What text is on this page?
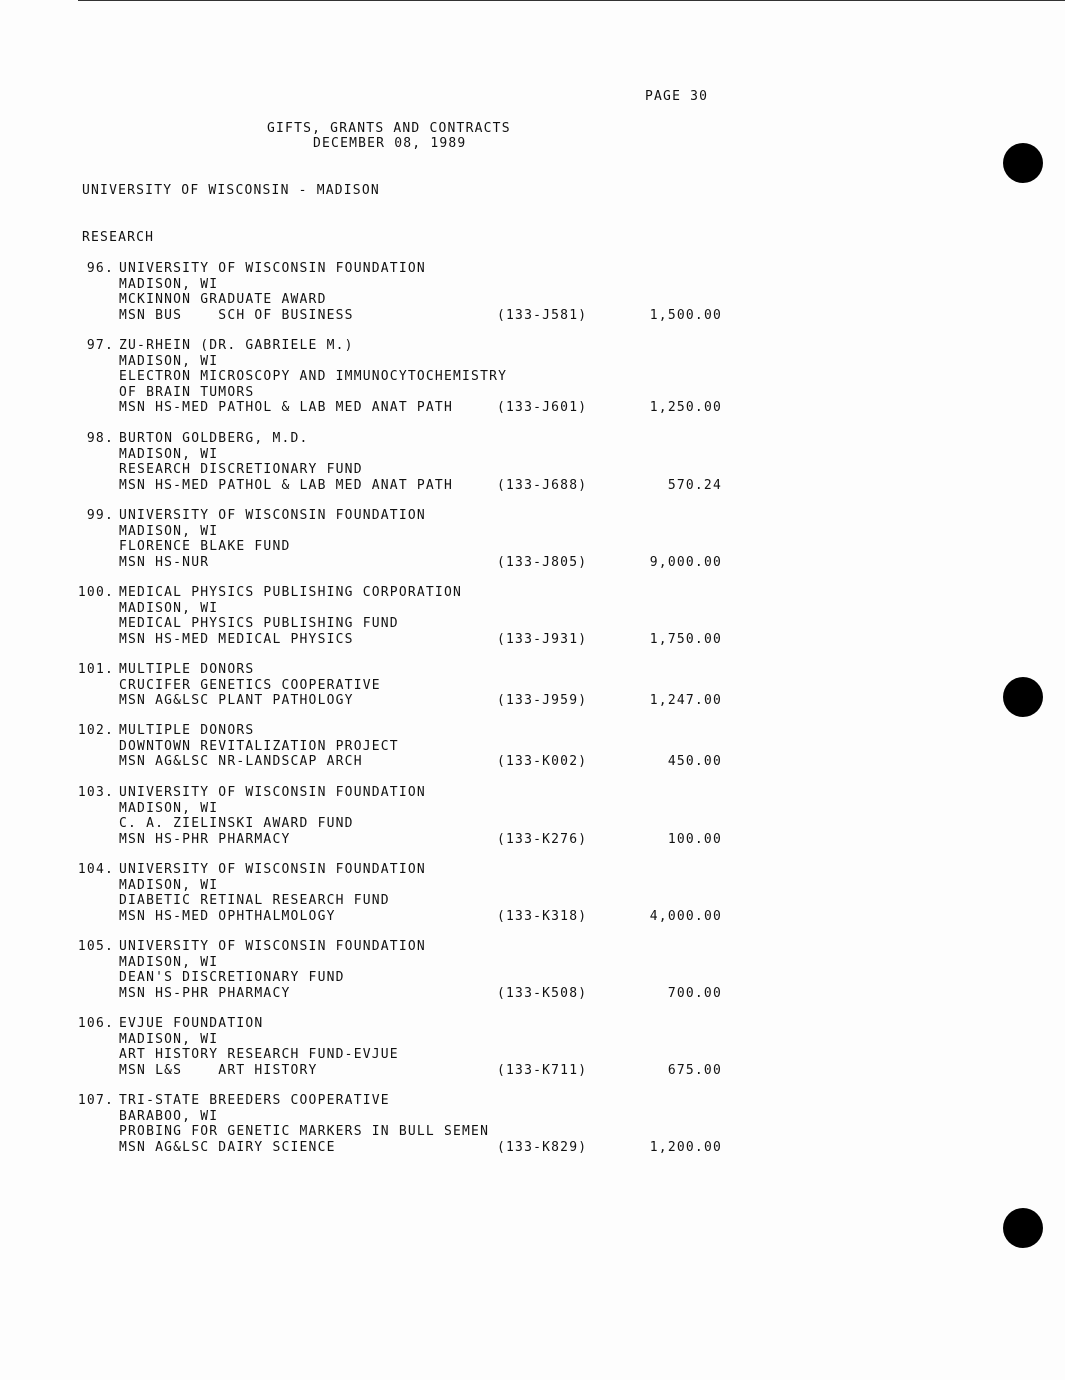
PAGE 30
GIFTS, GRANTS AND CONTRACTS
DECEMBER 08, 1989
UNIVERSITY OF WISCONSIN - MADISON
RESEARCH
96. UNIVERSITY OF WISCONSIN FOUNDATION
MADISON, WI
MCKINNON GRADUATE AWARD
MSN BUS    SCH OF BUSINESS	(133-J581)	1,500.00
97. ZU-RHEIN (DR. GABRIELE M.)
MADISON, WI
ELECTRON MICROSCOPY AND IMMUNOCYTOCHEMISTRY
OF BRAIN TUMORS
MSN HS-MED PATHOL & LAB MED ANAT PATH	(133-J601)	1,250.00
98. BURTON GOLDBERG, M.D.
MADISON, WI
RESEARCH DISCRETIONARY FUND
MSN HS-MED PATHOL & LAB MED ANAT PATH	(133-J688)	570.24
99. UNIVERSITY OF WISCONSIN FOUNDATION
MADISON, WI
FLORENCE BLAKE FUND
MSN HS-NUR	(133-J805)	9,000.00
100. MEDICAL PHYSICS PUBLISHING CORPORATION
MADISON, WI
MEDICAL PHYSICS PUBLISHING FUND
MSN HS-MED MEDICAL PHYSICS	(133-J931)	1,750.00
101. MULTIPLE DONORS
CRUCIFER GENETICS COOPERATIVE
MSN AG&LSC PLANT PATHOLOGY	(133-J959)	1,247.00
102. MULTIPLE DONORS
DOWNTOWN REVITALIZATION PROJECT
MSN AG&LSC NR-LANDSCAP ARCH	(133-K002)	450.00
103. UNIVERSITY OF WISCONSIN FOUNDATION
MADISON, WI
C. A. ZIELINSKI AWARD FUND
MSN HS-PHR PHARMACY	(133-K276)	100.00
104. UNIVERSITY OF WISCONSIN FOUNDATION
MADISON, WI
DIABETIC RETINAL RESEARCH FUND
MSN HS-MED OPHTHALMOLOGY	(133-K318)	4,000.00
105. UNIVERSITY OF WISCONSIN FOUNDATION
MADISON, WI
DEAN'S DISCRETIONARY FUND
MSN HS-PHR PHARMACY	(133-K508)	700.00
106. EVJUE FOUNDATION
MADISON, WI
ART HISTORY RESEARCH FUND-EVJUE
MSN L&S    ART HISTORY	(133-K711)	675.00
107. TRI-STATE BREEDERS COOPERATIVE
BARABOO, WI
PROBING FOR GENETIC MARKERS IN BULL SEMEN
MSN AG&LSC DAIRY SCIENCE	(133-K829)	1,200.00
